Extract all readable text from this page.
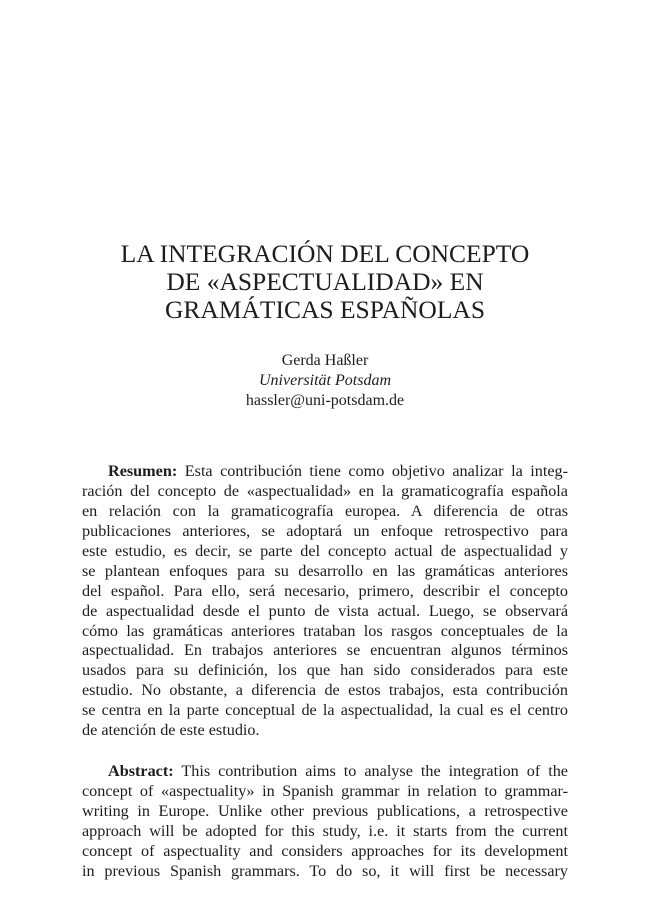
LA INTEGRACIÓN DEL CONCEPTO
DE «ASPECTUALIDAD» EN
GRAMÁTICAS ESPAÑOLAS
Gerda Haßler
Universität Potsdam
hassler@uni-potsdam.de
Resumen: Esta contribución tiene como objetivo analizar la integ-
ración del concepto de «aspectualidad» en la gramaticografía española
en relación con la gramaticografía europea. A diferencia de otras
publicaciones anteriores, se adoptará un enfoque retrospectivo para
este estudio, es decir, se parte del concepto actual de aspectualidad y
se plantean enfoques para su desarrollo en las gramáticas anteriores
del español. Para ello, será necesario, primero, describir el concepto
de aspectualidad desde el punto de vista actual. Luego, se observará
cómo las gramáticas anteriores trataban los rasgos conceptuales de la
aspectualidad. En trabajos anteriores se encuentran algunos términos
usados para su definición, los que han sido considerados para este
estudio. No obstante, a diferencia de estos trabajos, esta contribución
se centra en la parte conceptual de la aspectualidad, la cual es el centro
de atención de este estudio.
Abstract: This contribution aims to analyse the integration of the
concept of «aspectuality» in Spanish grammar in relation to grammar-
writing in Europe. Unlike other previous publications, a retrospective
approach will be adopted for this study, i.e. it starts from the current
concept of aspectuality and considers approaches for its development
in previous Spanish grammars. To do so, it will first be necessary
